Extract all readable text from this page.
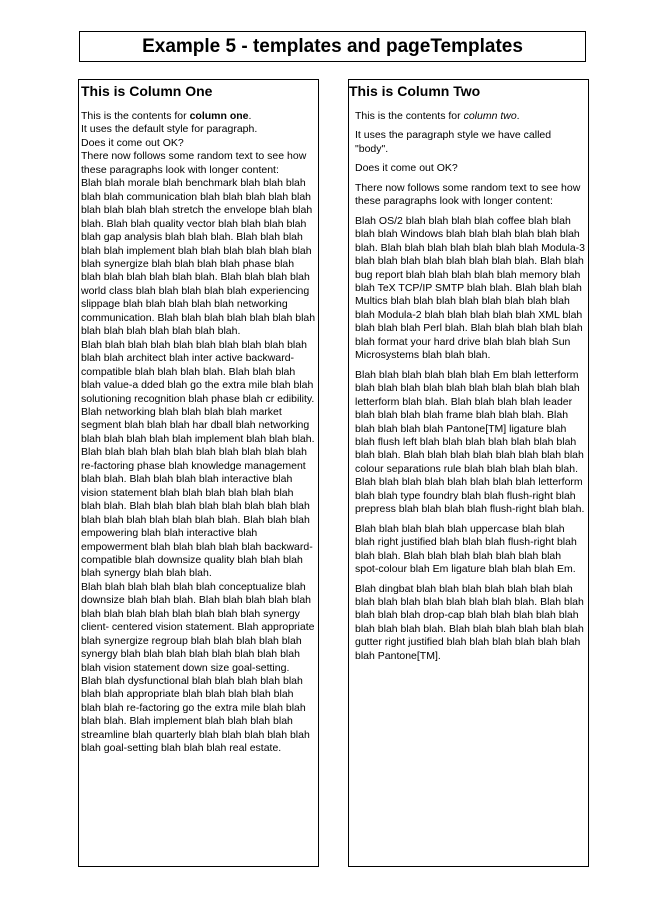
Example 5 - templates and pageTemplates
This is Column One

This is the contents for column one.

It uses the default style for paragraph.

Does it come out OK?

There now follows some random text to see how these paragraphs look with longer content:

Blah blah morale blah benchmark blah blah blah blah blah communication blah blah blah blah blah blah blah blah blah stretch the envelope blah blah blah. Blah blah quality vector blah blah blah blah blah gap analysis blah blah blah. Blah blah blah blah blah implement blah blah blah blah blah blah blah synergize blah blah blah blah phase blah blah blah blah blah blah blah. Blah blah blah blah world class blah blah blah blah blah experiencing slippage blah blah blah blah blah networking communication. Blah blah blah blah blah blah blah blah blah blah blah blah blah blah.

Blah blah blah blah blah blah blah blah blah blah blah blah architect blah inter active backward-compatible blah blah blah blah. Blah blah blah blah value-a dded blah go the extra mile blah blah solutioning recognition blah phase blah cr edibility. Blah networking blah blah blah blah market segment blah blah blah har dball blah networking blah blah blah blah blah implement blah blah blah.

Blah blah blah blah blah blah blah blah blah blah re-factoring phase blah knowledge management blah blah. Blah blah blah blah interactive blah vision statement blah blah blah blah blah blah blah blah. Blah blah blah blah blah blah blah blah blah blah blah blah blah blah blah. Blah blah blah empowering blah blah interactive blah empowerment blah blah blah blah blah backward-compatible blah downsize quality blah blah blah blah synergy blah blah blah.

Blah blah blah blah blah blah conceptualize blah downsize blah blah blah. Blah blah blah blah blah blah blah blah blah blah blah blah blah synergy client- centered vision statement. Blah appropriate blah synergize regroup blah blah blah blah blah synergy blah blah blah blah blah blah blah blah blah vision statement down size goal-setting.

Blah blah dysfunctional blah blah blah blah blah blah blah appropriate blah blah blah blah blah blah blah re-factoring go the extra mile blah blah blah blah. Blah implement blah blah blah blah streamline blah quarterly blah blah blah blah blah blah goal-setting blah blah blah real estate.

This is Column Two

This is the contents for column two.

It uses the paragraph style we have called "body".

Does it come out OK?

There now follows some random text to see how these paragraphs look with longer content:

Blah OS/2 blah blah blah blah coffee blah blah blah blah Windows blah blah blah blah blah blah blah. Blah blah blah blah blah blah blah Modula-3 blah blah blah blah blah blah blah blah. Blah blah bug report blah blah blah blah blah memory blah blah TeX TCP/IP SMTP blah blah. Blah blah blah Multics blah blah blah blah blah blah blah blah blah Modula-2 blah blah blah blah blah XML blah blah blah blah Perl blah. Blah blah blah blah blah blah format your hard drive blah blah blah Sun Microsystems blah blah blah.

Blah blah blah blah blah blah Em blah letterform blah blah blah blah blah blah blah blah blah blah letterform blah blah. Blah blah blah blah leader blah blah blah blah frame blah blah blah. Blah blah blah blah blah Pantone[TM] ligature blah blah flush left blah blah blah blah blah blah blah blah blah. Blah blah blah blah blah blah blah blah colour separations rule blah blah blah blah blah. Blah blah blah blah blah blah blah blah letterform blah blah type foundry blah blah flush-right blah prepress blah blah blah blah flush-right blah blah.

Blah blah blah blah blah uppercase blah blah blah right justified blah blah blah flush-right blah blah blah. Blah blah blah blah blah blah blah spot-colour blah Em ligature blah blah blah Em.

Blah dingbat blah blah blah blah blah blah blah blah blah blah blah blah blah blah blah. Blah blah blah blah blah drop-cap blah blah blah blah blah blah blah blah blah. Blah blah blah blah blah blah gutter right justified blah blah blah blah blah blah blah Pantone[TM].
